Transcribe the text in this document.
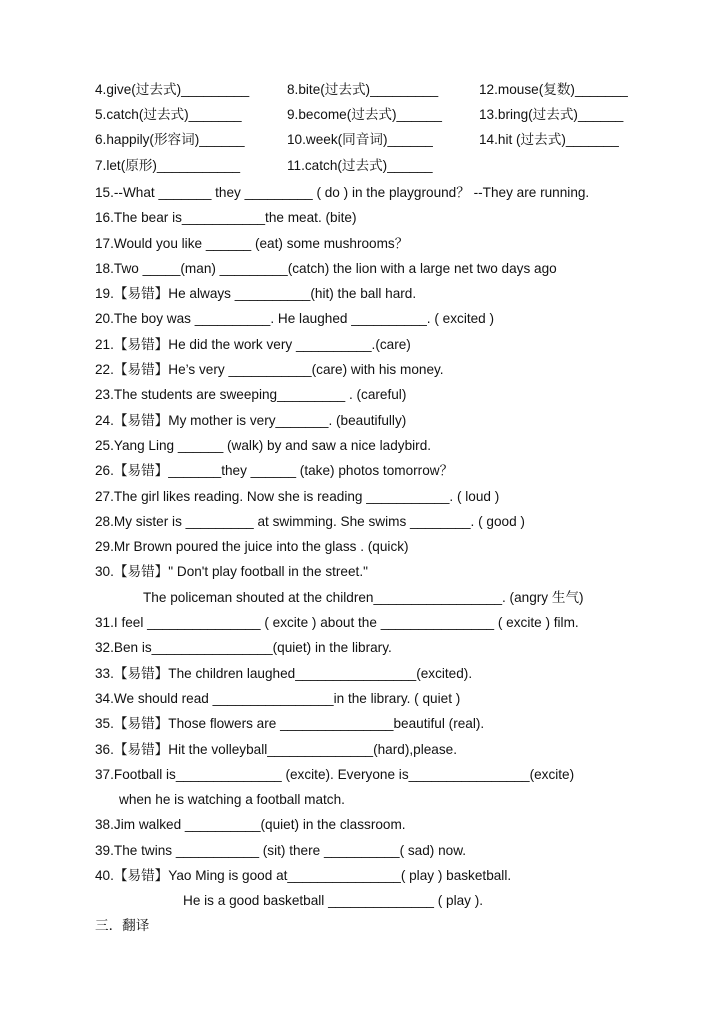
4.give(过去式)_________	8.bite(过去式)_________	12.mouse(复数)_______
5.catch(过去式)_______	9.become(过去式)______	13.bring(过去式)______
6.happily(形容词)______	10.week(同音词)______	14.hit (过去式)_______
7.let(原形)___________	11.catch(过去式)______
15.--What _______ they _________ ( do ) in the playground？ --They are running.
16.The bear is___________the meat. (bite)
17.Would you like ______ (eat) some mushrooms？
18.Two _____(man) _________(catch) the lion with a large net two days ago
19.【易错】He always __________(hit) the ball hard.
20.The boy was __________. He laughed __________. ( excited )
21.【易错】He did the work very __________.(care)
22.【易错】He’s very ___________(care) with his money.
23.The students are sweeping_________ . (careful)
24.【易错】My mother is very_______. (beautifully)
25.Yang Ling ______ (walk) by and saw a nice ladybird.
26.【易错】_______they ______ (take) photos tomorrow？
27.The girl likes reading. Now she is reading ___________. ( loud )
28.My sister is _________ at swimming. She swims ________. ( good )
29.Mr Brown poured the juice into the glass . (quick)
30.【易错】" Don't play football in the street."
The policeman shouted at the children_________________. (angry 生气)
31.I feel _______________ ( excite ) about the _______________ ( excite ) film.
32.Ben is________________(quiet) in the library.
33.【易错】The children laughed________________(excited).
34.We should read ________________in the library. ( quiet )
35.【易错】Those flowers are _______________beautiful (real).
36.【易错】Hit the volleyball______________(hard),please.
37.Football is______________ (excite). Everyone is________________(excite)
when he is watching a football match.
38.Jim walked __________(quiet) in the classroom.
39.The twins ___________ (sit) there __________( sad) now.
40.【易错】Yao Ming is good at_______________( play ) basketball.
He is a good basketball ______________ ( play ).
三．翻译
